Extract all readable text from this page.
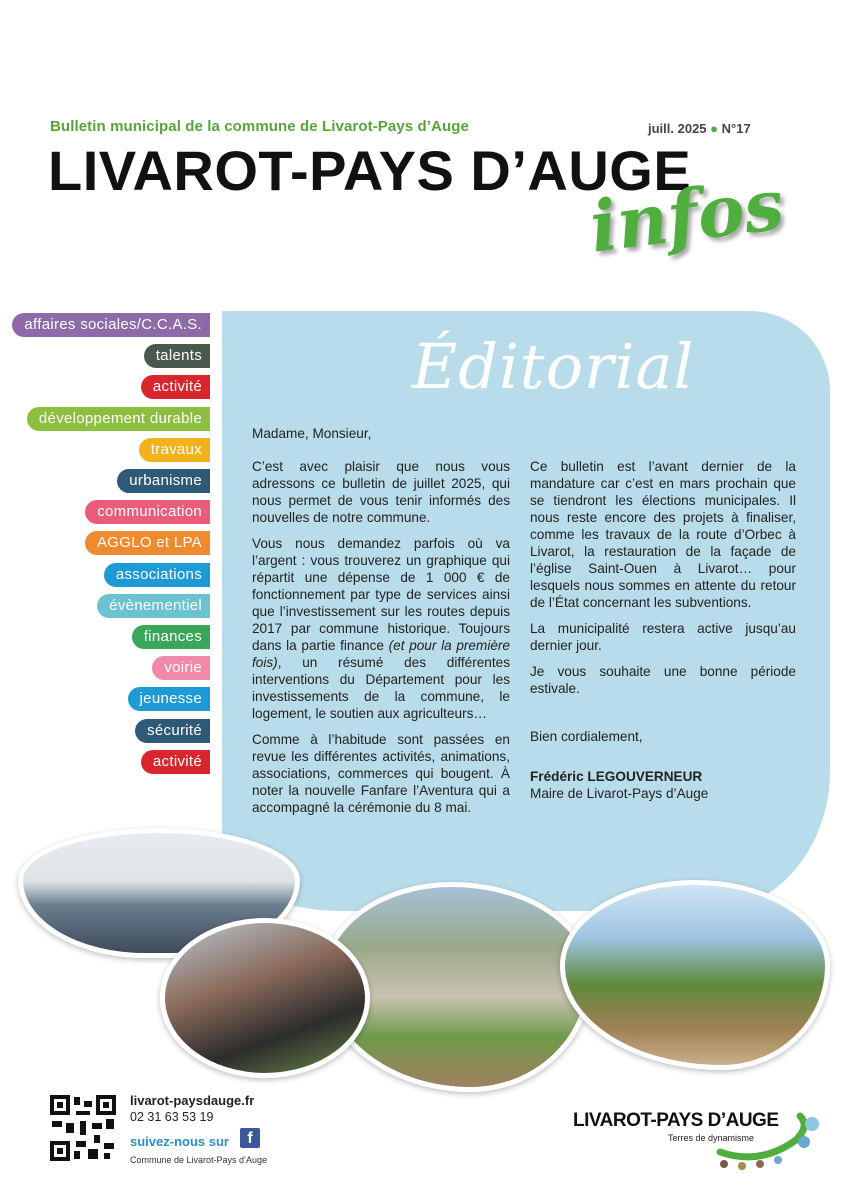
Bulletin municipal de la commune de Livarot-Pays d’Auge	juill. 2025 ● N°17
LIVAROT-PAYS D’AUGE
infos
affaires sociales/C.C.A.S.
talents
activité
développement durable
travaux
urbanisme
communication
AGGLO et LPA
associations
évènementiel
finances
voirie
jeunesse
sécurité
activité
Éditorial
Madame, Monsieur,

C’est avec plaisir que nous vous adressons ce bulletin de juillet 2025, qui nous permet de vous tenir informés des nouvelles de notre commune.

Vous nous demandez parfois où va l’argent : vous trouverez un graphique qui répartit une dépense de 1 000 € de fonctionnement par type de services ainsi que l’investissement sur les routes depuis 2017 par commune historique. Toujours dans la partie finance (et pour la première fois), un résumé des différentes interventions du Département pour les investissements de la commune, le logement, le soutien aux agriculteurs…

Comme à l’habitude sont passées en revue les différentes activités, animations, associations, commerces qui bougent. À noter la nouvelle Fanfare l’Aventura qui a accompagné la cérémonie du 8 mai.

Ce bulletin est l’avant dernier de la mandature car c’est en mars prochain que se tiendront les élections municipales. Il nous reste encore des projets à finaliser, comme les travaux de la route d’Orbec à Livarot, la restauration de la façade de l’église Saint-Ouen à Livarot… pour lesquels nous sommes en attente du retour de l’État concernant les subventions.

La municipalité restera active jusqu’au dernier jour.

Je vous souhaite une bonne période estivale.

Bien cordialement,
Frédéric LEGOUVERNEUR
Maire de Livarot-Pays d’Auge
livarot-paysdauge.fr
02 31 63 53 19
suivez-nous sur	f
Commune de Livarot-Pays d’Auge
LIVAROT-PAYS D’AUGE
Terres de dynamisme
